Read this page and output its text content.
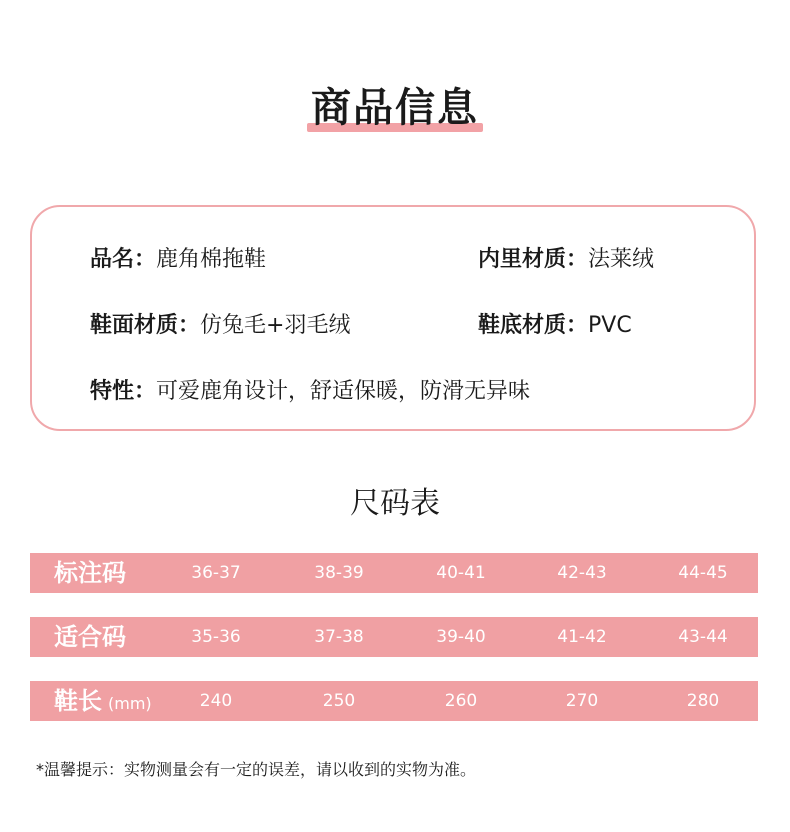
商品信息
品名：鹿角棉拖鞋	内里材质：法莱绒
鞋面材质：仿兔毛+羽毛绒	鞋底材质：PVC
特性：可爱鹿角设计，舒适保暖，防滑无异味
尺码表
标注码	36-37	38-39	40-41	42-43	44-45
适合码	35-36	37-38	39-40	41-42	43-44
鞋长 (mm)	240	250	260	270	280
*温馨提示：实物测量会有一定的误差，请以收到的实物为准。
